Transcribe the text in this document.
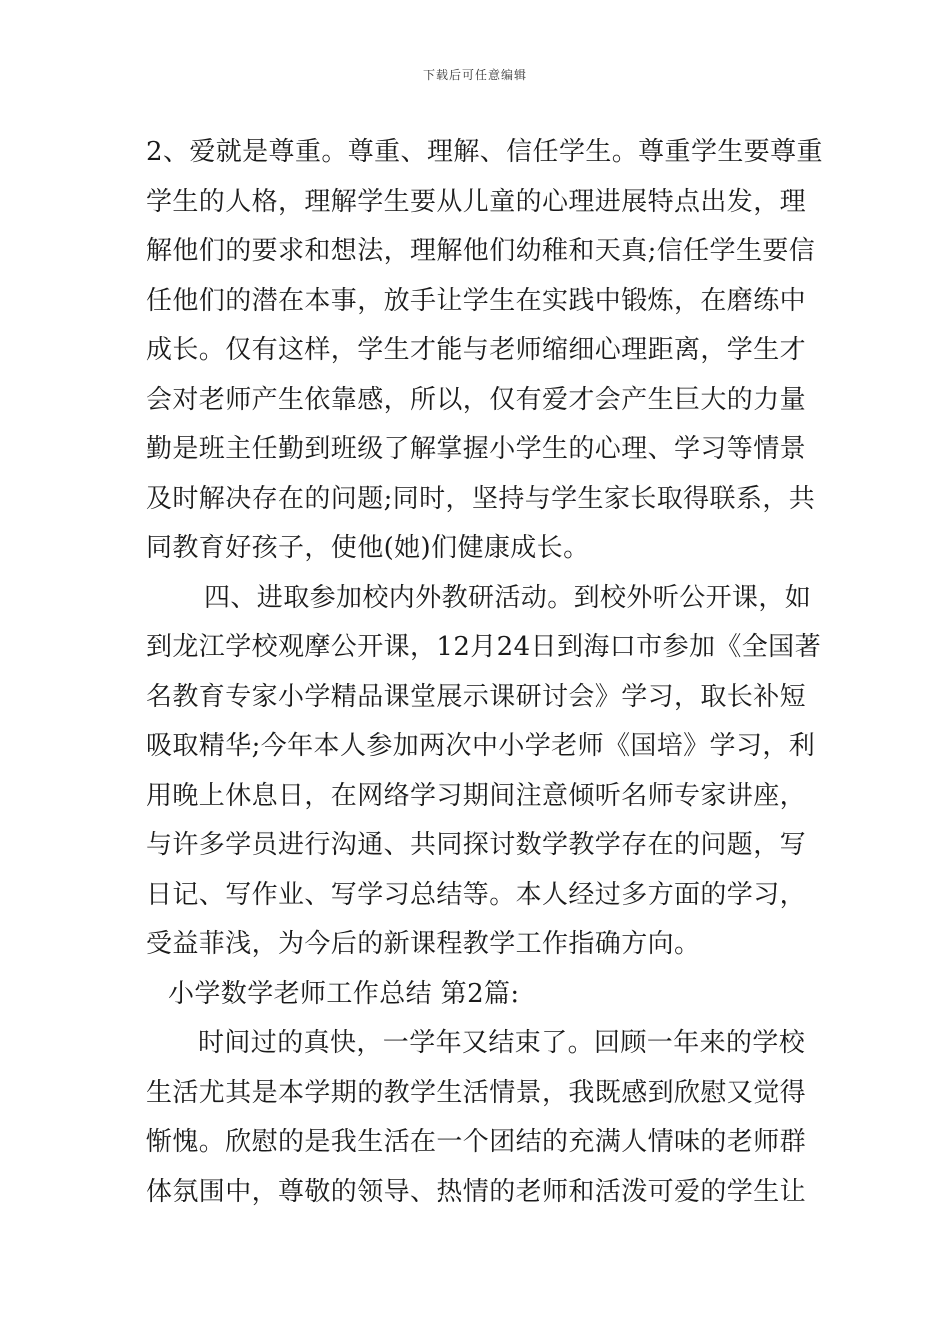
下载后可任意编辑
2、爱就是尊重。尊重、理解、信任学生。尊重学生要尊重
学生的人格，理解学生要从儿童的心理进展特点出发，理
解他们的要求和想法，理解他们幼稚和天真;信任学生要信
任他们的潜在本事，放手让学生在实践中锻炼，在磨练中
成长。仅有这样，学生才能与老师缩细心理距离，学生才
会对老师产生依靠感，所以，仅有爱才会产生巨大的力量
勤是班主任勤到班级了解掌握小学生的心理、学习等情景
及时解决存在的问题;同时，坚持与学生家长取得联系，共
同教育好孩子，使他(她)们健康成长。
四、进取参加校内外教研活动。到校外听公开课，如
到龙江学校观摩公开课，12月24日到海口市参加《全国著
名教育专家小学精品课堂展示课研讨会》学习，取长补短
吸取精华;今年本人参加两次中小学老师《国培》学习，利
用晚上休息日，在网络学习期间注意倾听名师专家讲座，
与许多学员进行沟通、共同探讨数学教学存在的问题，写
日记、写作业、写学习总结等。本人经过多方面的学习，
受益菲浅，为今后的新课程教学工作指确方向。
小学数学老师工作总结 第2篇:
时间过的真快，一学年又结束了。回顾一年来的学校
生活尤其是本学期的教学生活情景，我既感到欣慰又觉得
惭愧。欣慰的是我生活在一个团结的充满人情味的老师群
体氛围中，尊敬的领导、热情的老师和活泼可爱的学生让
